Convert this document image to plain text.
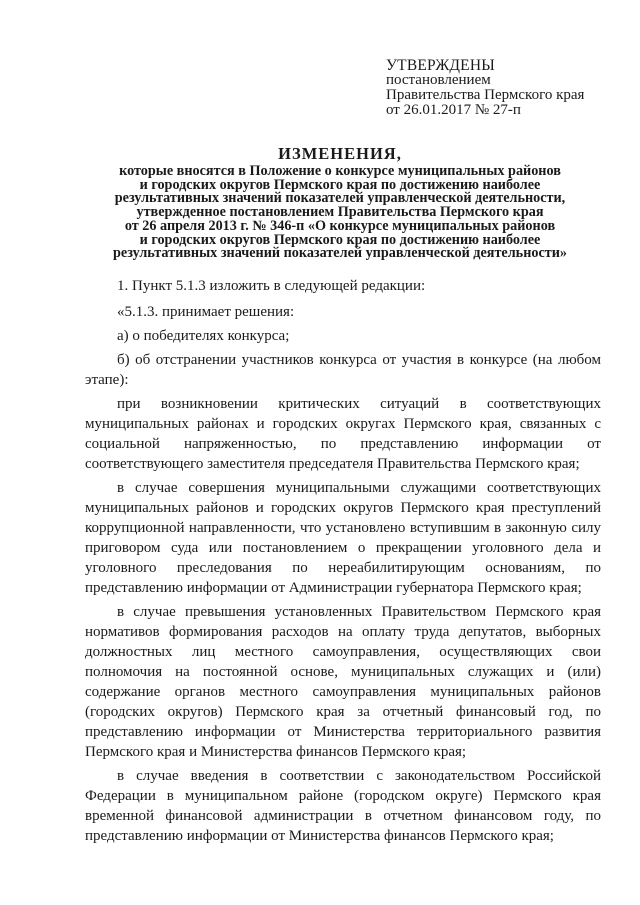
УТВЕРЖДЕНЫ
постановлением
Правительства Пермского края
от 26.01.2017 № 27-п
ИЗМЕНЕНИЯ,
которые вносятся в Положение о конкурсе муниципальных районов
и городских округов Пермского края по достижению наиболее
результативных значений показателей управленческой деятельности,
утвержденное постановлением Правительства Пермского края
от 26 апреля 2013 г. № 346-п «О конкурсе муниципальных районов
и городских округов Пермского края по достижению наиболее
результативных значений показателей управленческой деятельности»

1. Пункт 5.1.3 изложить в следующей редакции:

«5.1.3. принимает решения:

а) о победителях конкурса;

б) об отстранении участников конкурса от участия в конкурсе (на любом этапе):

при возникновении критических ситуаций в соответствующих муниципальных районах и городских округах Пермского края, связанных с социальной напряженностью, по представлению информации от соответствующего заместителя председателя Правительства Пермского края;

в случае совершения муниципальными служащими соответствующих муниципальных районов и городских округов Пермского края преступлений коррупционной направленности, что установлено вступившим в законную силу приговором суда или постановлением о прекращении уголовного дела и уголовного преследования по нереабилитирующим основаниям, по представлению информации от Администрации губернатора Пермского края;

в случае превышения установленных Правительством Пермского края нормативов формирования расходов на оплату труда депутатов, выборных должностных лиц местного самоуправления, осуществляющих свои полномочия на постоянной основе, муниципальных служащих и (или) содержание органов местного самоуправления муниципальных районов (городских округов) Пермского края за отчетный финансовый год, по представлению информации от Министерства территориального развития Пермского края и Министерства финансов Пермского края;

в случае введения в соответствии с законодательством Российской Федерации в муниципальном районе (городском округе) Пермского края временной финансовой администрации в отчетном финансовом году, по представлению информации от Министерства финансов Пермского края;
